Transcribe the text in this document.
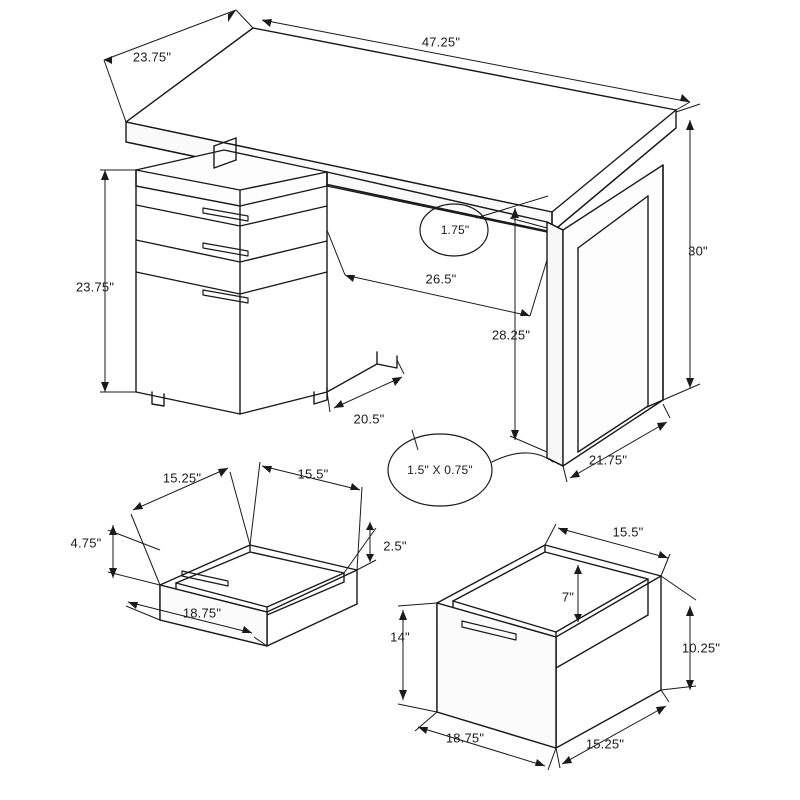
23.75"
47.25"
30"
23.75"
20.5"
26.5"
1.75"
28.25"
21.75"
1.5" X 0.75"
15.25"	15.5"
4.75"	2.5"
18.75"
15.5"
7"
14"
10.25"
18.75"	15.25"
